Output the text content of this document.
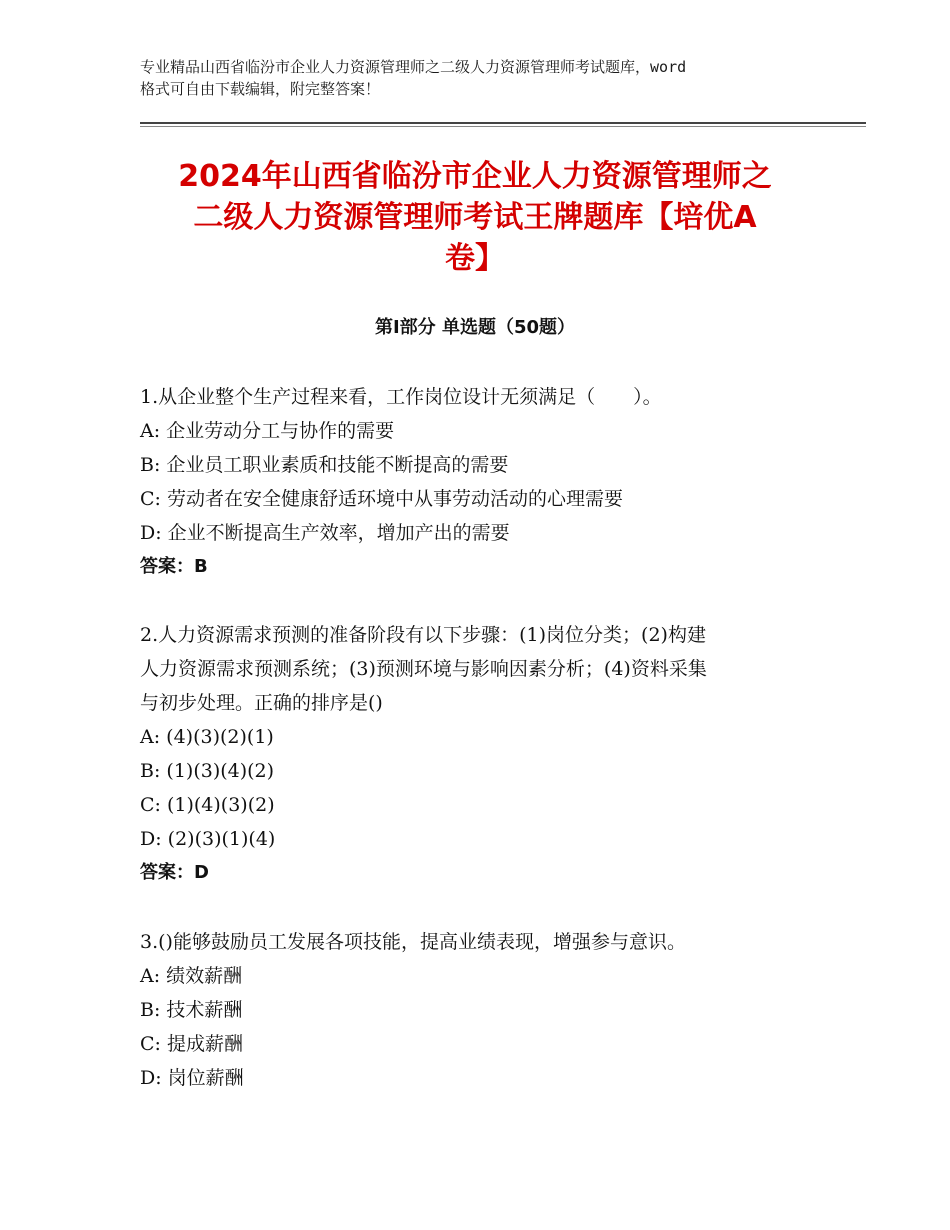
专业精品山西省临汾市企业人力资源管理师之二级人力资源管理师考试题库，word
格式可自由下载编辑，附完整答案！
2024年山西省临汾市企业人力资源管理师之
二级人力资源管理师考试王牌题库【培优A
卷】
第Ⅰ部分 单选题（50题）
1.从企业整个生产过程来看，工作岗位设计无须满足（　　）。
A: 企业劳动分工与协作的需要
B: 企业员工职业素质和技能不断提高的需要
C: 劳动者在安全健康舒适环境中从事劳动活动的心理需要
D: 企业不断提高生产效率，增加产出的需要
答案：B
2.人力资源需求预测的准备阶段有以下步骤：(1)岗位分类；(2)构建
人力资源需求预测系统；(3)预测环境与影响因素分析；(4)资料采集
与初步处理。正确的排序是()
A: (4)(3)(2)(1)
B: (1)(3)(4)(2)
C: (1)(4)(3)(2)
D: (2)(3)(1)(4)
答案：D
3.()能够鼓励员工发展各项技能，提高业绩表现，增强参与意识。
A: 绩效薪酬
B: 技术薪酬
C: 提成薪酬
D: 岗位薪酬
